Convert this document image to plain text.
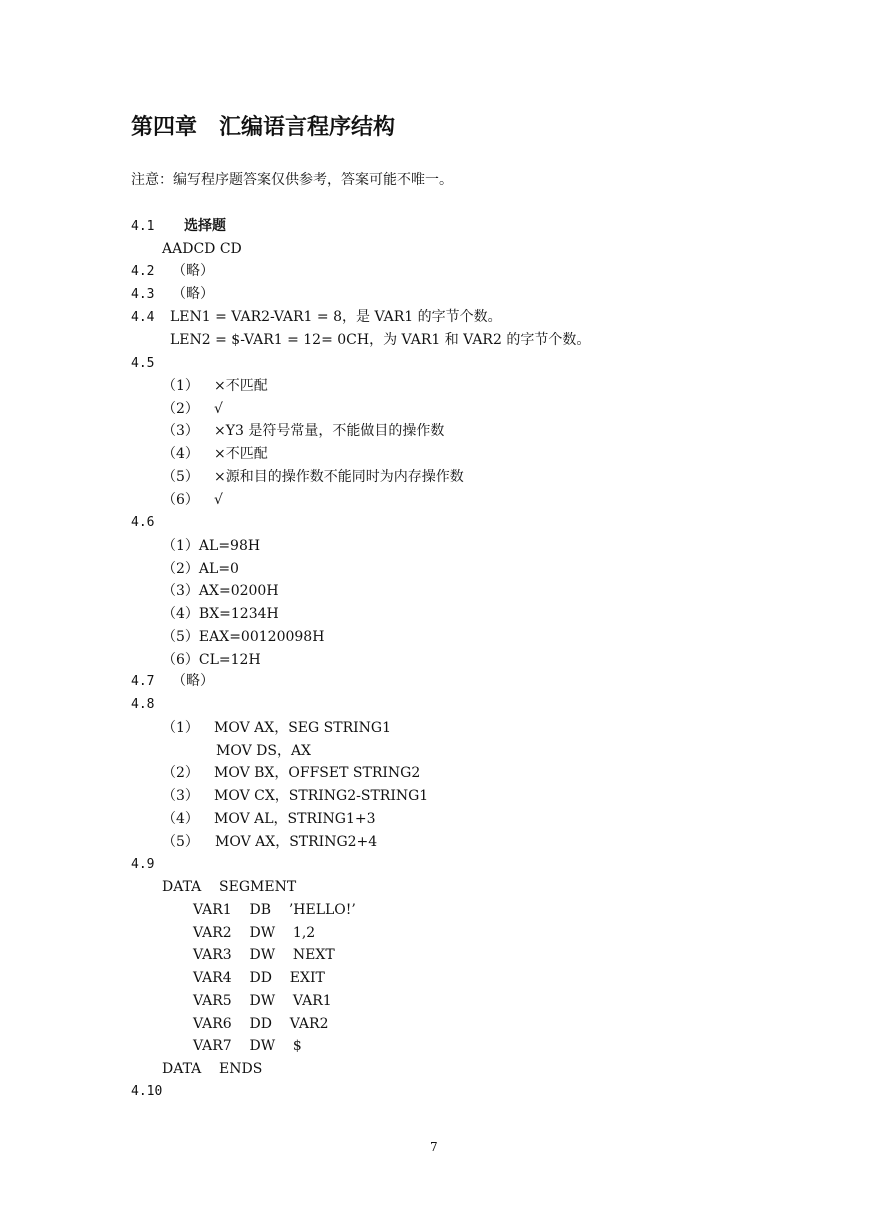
第四章　汇编语言程序结构
注意：编写程序题答案仅供参考，答案可能不唯一。
4.1 选择题
AADCD CD
4.2 （略）
4.3 （略）
4.4 LEN1 = VAR2-VAR1 = 8，是 VAR1 的字节个数。
LEN2 = $-VAR1 = 12= 0CH，为 VAR1 和 VAR2 的字节个数。
4.5
（1） ×不匹配
（2） √
（3） ×Y3 是符号常量，不能做目的操作数
（4） ×不匹配
（5） ×源和目的操作数不能同时为内存操作数
（6） √
4.6
（1）AL=98H
（2）AL=0
（3）AX=0200H
（4）BX=1234H
（5）EAX=00120098H
（6）CL=12H
4.7 （略）
4.8
（1） MOV AX，SEG STRING1
MOV DS，AX
（2） MOV BX，OFFSET STRING2
（3） MOV CX，STRING2-STRING1
（4） MOV AL，STRING1+3
（5） MOV AX，STRING2+4
4.9
DATA    SEGMENT
VAR1    DB    ’HELLO!’
VAR2    DW    1,2
VAR3    DW    NEXT
VAR4    DD    EXIT
VAR5    DW    VAR1
VAR6    DD    VAR2
VAR7    DW    $
DATA    ENDS
4.10
7
